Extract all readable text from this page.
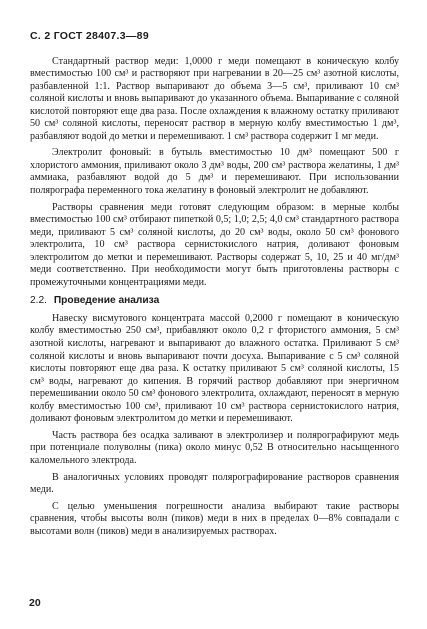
С. 2 ГОСТ 28407.3—89

Стандартный раствор меди: 1,0000 г меди помещают в коническую колбу вместимостью 100 см³ и растворяют при нагревании в 20—25 см³ азотной кислоты, разбавленной 1:1. Раствор выпаривают до объема 3—5 см³, приливают 10 см³ соляной кислоты и вновь выпаривают до указанного объема. Выпаривание с соляной кислотой повторяют еще два раза. После охлаждения к влажному остатку приливают 50 см³ соляной кислоты, переносят раствор в мерную колбу вместимостью 1 дм³, разбавляют водой до метки и перемешивают. 1 см³ раствора содержит 1 мг меди.

Электролит фоновый: в бутыль вместимостью 10 дм³ помещают 500 г хлористого аммония, приливают около 3 дм³ воды, 200 см³ раствора желатины, 1 дм³ аммиака, разбавляют водой до 5 дм³ и перемешивают. При использовании полярографа переменного тока желатину в фоновый электролит не добавляют.

Растворы сравнения меди готовят следующим образом: в мерные колбы вместимостью 100 см³ отбирают пипеткой 0,5; 1,0; 2,5; 4,0 см³ стандартного раствора меди, приливают 5 см³ соляной кислоты, до 20 см³ воды, около 50 см³ фонового электролита, 10 см³ раствора сернистокислого натрия, доливают фоновым электролитом до метки и перемешивают. Растворы содержат 5, 10, 25 и 40 мг/дм³ меди соответственно. При необходимости могут быть приготовлены растворы с промежуточными концентрациями меди.

2.2. Проведение анализа

Навеску висмутового концентрата массой 0,2000 г помещают в коническую колбу вместимостью 250 см³, прибавляют около 0,2 г фтористого аммония, 5 см³ азотной кислоты, нагревают и выпаривают до влажного остатка. Приливают 5 см³ соляной кислоты и вновь выпаривают почти досуха. Выпаривание с 5 см³ соляной кислоты повторяют еще два раза. К остатку приливают 5 см³ соляной кислоты, 15 см³ воды, нагревают до кипения. В горячий раствор добавляют при энергичном перемешивании около 50 см³ фонового электролита, охлаждают, переносят в мерную колбу вместимостью 100 см³, приливают 10 см³ раствора сернистокислого натрия, доливают фоновым электролитом до метки и перемешивают.

Часть раствора без осадка заливают в электролизер и полярографируют медь при потенциале полуволны (пика) около минус 0,52 В относительно насыщенного каломельного электрода.

В аналогичных условиях проводят полярографирование растворов сравнения меди.

С целью уменьшения погрешности анализа выбирают такие растворы сравнения, чтобы высоты волн (пиков) меди в них в пределах 0—8% совпадали с высотами волн (пиков) меди в анализируемых растворах.

20
